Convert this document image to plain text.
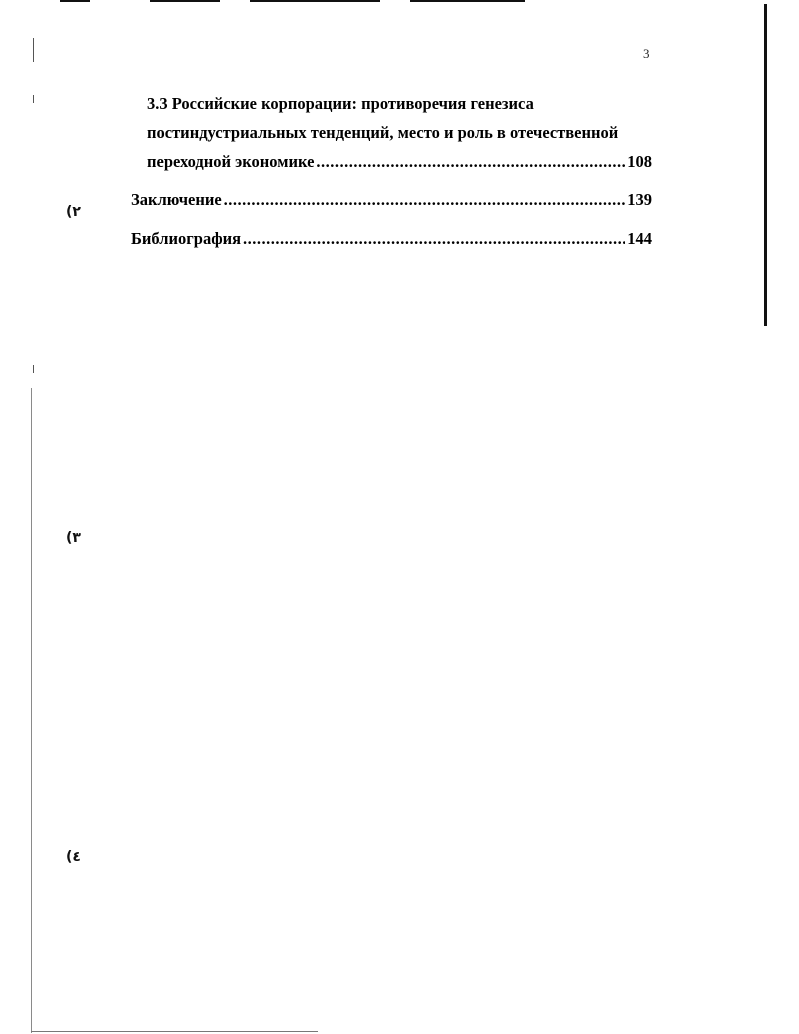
3
3.3 Российские корпорации: противоречия генезиса
постиндустриальных тенденций, место и роль в отечественной
переходной экономике .....	108
Заключение .....	139
Библиография .....	144
(٢
(٣
(٤
